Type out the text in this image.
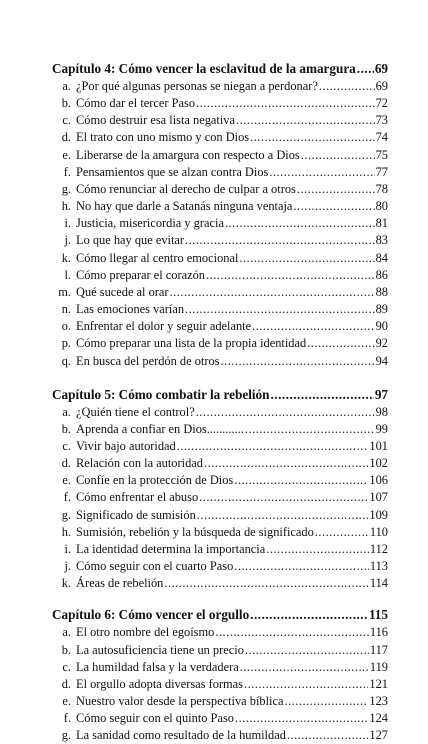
Capítulo 4: Cómo vencer la esclavitud de la amargura ..... 69
a. ¿Por qué algunas personas se niegan a perdonar? .....	69
b. Cómo dar el tercer Paso .....	72
c. Cómo destruir esa lista negativa .....	73
d. El trato con uno mismo y con Dios .....	74
e. Liberarse de la amargura con respecto a Dios .....	75
f. Pensamientos que se alzan contra Dios .....	77
g. Cómo renunciar al derecho de culpar a otros .....	78
h. No hay que darle a Satanás ninguna ventaja .....	80
i. Justicia, misericordia y gracia .....	81
j. Lo que hay que evitar .....	83
k. Cómo llegar al centro emocional .....	84
l. Cómo preparar el corazón .....	86
m. Qué sucede al orar .....	88
n. Las emociones varían .....	89
o. Enfrentar el dolor y seguir adelante .....	90
p. Cómo preparar una lista de la propia identidad .....	92
q. En busca del perdón de otros .....	94
Capítulo 5: Cómo combatir la rebelión .....	97
a. ¿Quién tiene el control? .....	98
b. Aprenda a confiar en Dios............ .....	99
c. Vivir bajo autoridad .....	101
d. Relación con la autoridad .....	102
e. Confíe en la protección de Dios .....	106
f. Cómo enfrentar el abuso .....	107
g. Significado de sumisión .....	109
h. Sumisión, rebelión y la búsqueda de significado .....	110
i. La identidad determina la importancia .....	112
j. Cómo seguir con el cuarto Paso .....	113
k. Áreas de rebelión .....	114
Capítulo 6: Cómo vencer el orgullo .....	115
a. El otro nombre del egoísmo .....	116
b. La autosuficiencia tiene un precio .....	117
c. La humildad falsa y la verdadera .....	119
d. El orgullo adopta diversas formas .....	121
e. Nuestro valor desde la perspectiva bíblica .....	123
f. Cómo seguir con el quinto Paso .....	124
g. La sanidad como resultado de la humildad .....	127
